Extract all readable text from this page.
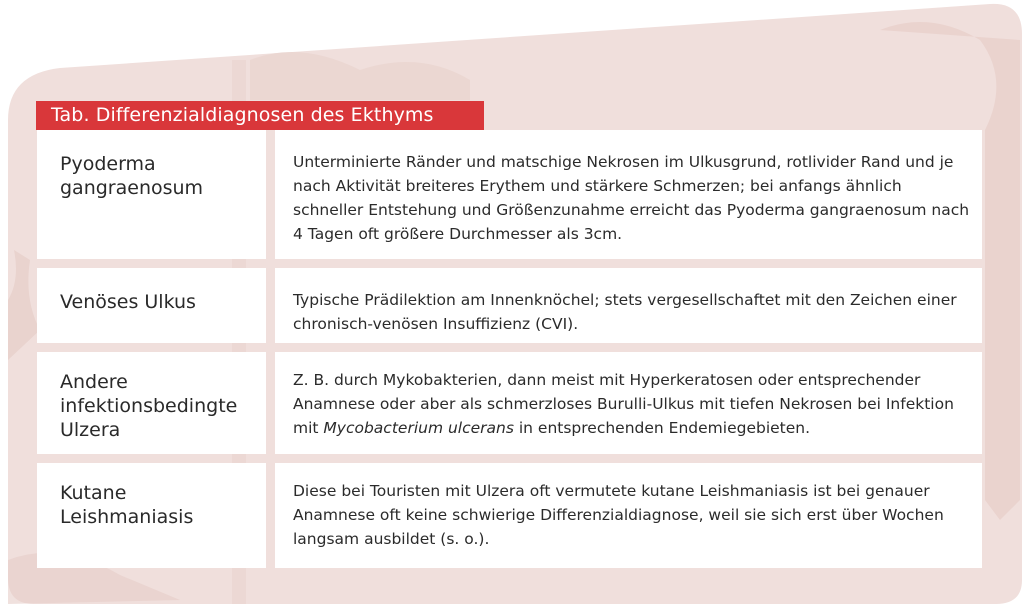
Tab. Differenzialdiagnosen des Ekthyms
Pyoderma gangraenosum
Unterminierte Ränder und matschige Nekrosen im Ulkusgrund, rotlivider Rand und je nach Aktivität breiteres Erythem und stärkere Schmerzen; bei anfangs ähnlich schneller Entstehung und Größenzunahme erreicht das Pyoderma gangraenosum nach 4 Tagen oft größere Durchmesser als 3cm.
Venöses Ulkus	Typische Prädilektion am Innenknöchel; stets vergesellschaftet mit den Zeichen einer chronisch-venösen Insuffizienz (CVI).
Andere infektionsbedingte Ulzera
Z. B. durch Mykobakterien, dann meist mit Hyperkeratosen oder entsprechender Anamnese oder aber als schmerzloses Burulli-Ulkus mit tiefen Nekrosen bei Infektion mit Mycobacterium ulcerans in entsprechenden Endemiegebieten.
Kutane Leishmaniasis
Diese bei Touristen mit Ulzera oft vermutete kutane Leishmaniasis ist bei genauer Anamnese oft keine schwierige Differenzialdiagnose, weil sie sich erst über Wochen langsam ausbildet (s. o.).
